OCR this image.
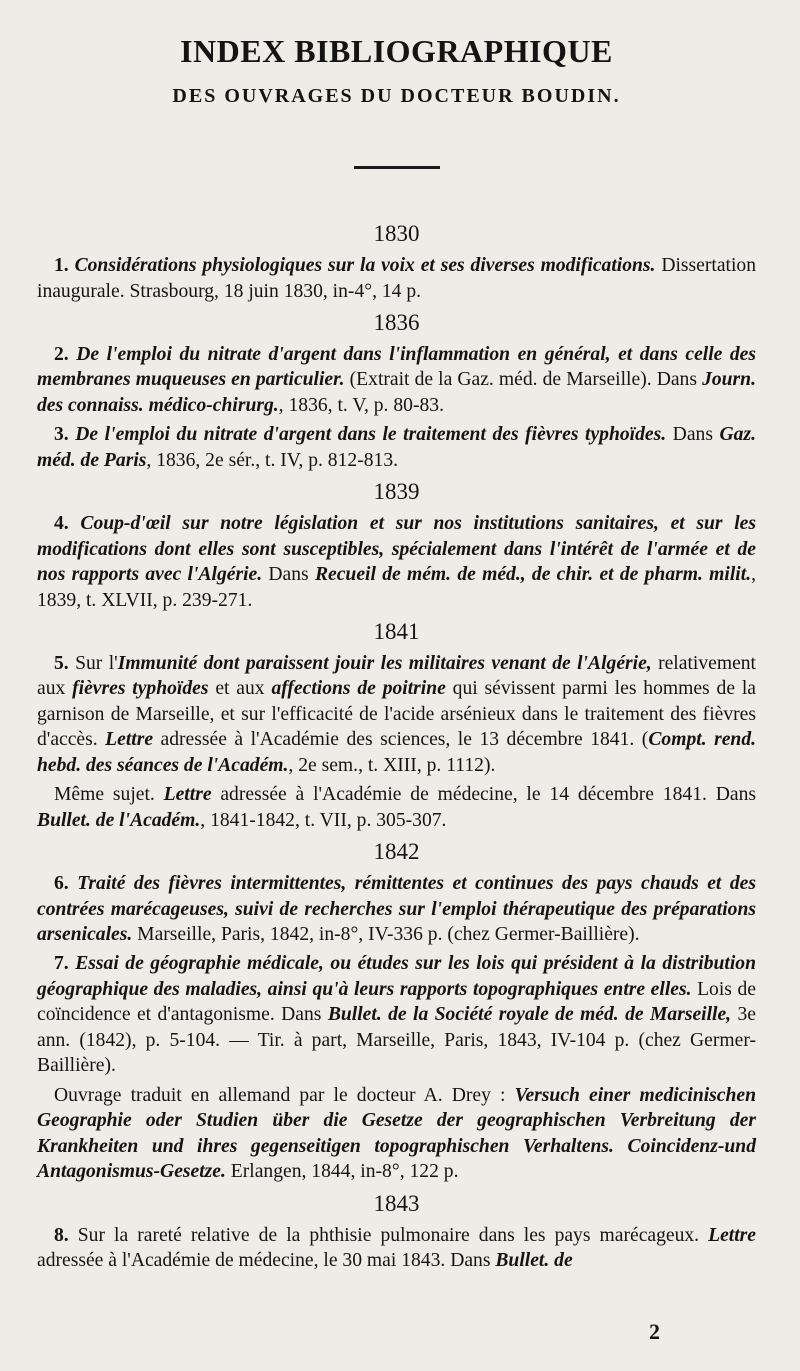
INDEX BIBLIOGRAPHIQUE
DES OUVRAGES DU DOCTEUR BOUDIN.
1830

1. Considérations physiologiques sur la voix et ses diverses modifications. Dissertation inaugurale. Strasbourg, 18 juin 1830, in-4°, 14 p.

1836

2. De l'emploi du nitrate d'argent dans l'inflammation en général, et dans celle des membranes muqueuses en particulier. (Extrait de la Gaz. méd. de Marseille). Dans Journ. des connaiss. médico-chirurg., 1836, t. V, p. 80-83.

3. De l'emploi du nitrate d'argent dans le traitement des fièvres typhoïdes. Dans Gaz. méd. de Paris, 1836, 2e sér., t. IV, p. 812-813.

1839

4. Coup-d'œil sur notre législation et sur nos institutions sanitaires, et sur les modifications dont elles sont susceptibles, spécialement dans l'intérêt de l'armée et de nos rapports avec l'Algérie. Dans Recueil de mém. de méd., de chir. et de pharm. milit., 1839, t. XLVII, p. 239-271.

1841

5. Sur l'Immunité dont paraissent jouir les militaires venant de l'Algérie, relativement aux fièvres typhoïdes et aux affections de poitrine qui sévissent parmi les hommes de la garnison de Marseille, et sur l'efficacité de l'acide arsénieux dans le traitement des fièvres d'accès. Lettre adressée à l'Académie des sciences, le 13 décembre 1841. (Compt. rend. hebd. des séances de l'Académ., 2e sem., t. XIII, p. 1112).

Même sujet. Lettre adressée à l'Académie de médecine, le 14 décembre 1841. Dans Bullet. de l'Académ., 1841-1842, t. VII, p. 305-307.

1842

6. Traité des fièvres intermittentes, rémittentes et continues des pays chauds et des contrées marécageuses, suivi de recherches sur l'emploi thérapeutique des préparations arsenicales. Marseille, Paris, 1842, in-8°, IV-336 p. (chez Germer-Baillière).

7. Essai de géographie médicale, ou études sur les lois qui président à la distribution géographique des maladies, ainsi qu'à leurs rapports topographiques entre elles. Lois de coïncidence et d'antagonisme. Dans Bullet. de la Société royale de méd. de Marseille, 3e ann. (1842), p. 5-104. — Tir. à part, Marseille, Paris, 1843, IV-104 p. (chez Germer-Baillière).

Ouvrage traduit en allemand par le docteur A. Drey : Versuch einer medicinischen Geographie oder Studien über die Gesetze der geographischen Verbreitung der Krankheiten und ihres gegenseitigen topographischen Verhaltens. Coincidenz-und Antagonismus-Gesetze. Erlangen, 1844, in-8°, 122 p.

1843

8. Sur la rareté relative de la phthisie pulmonaire dans les pays marécageux. Lettre adressée à l'Académie de médecine, le 30 mai 1843. Dans Bullet. de

2
